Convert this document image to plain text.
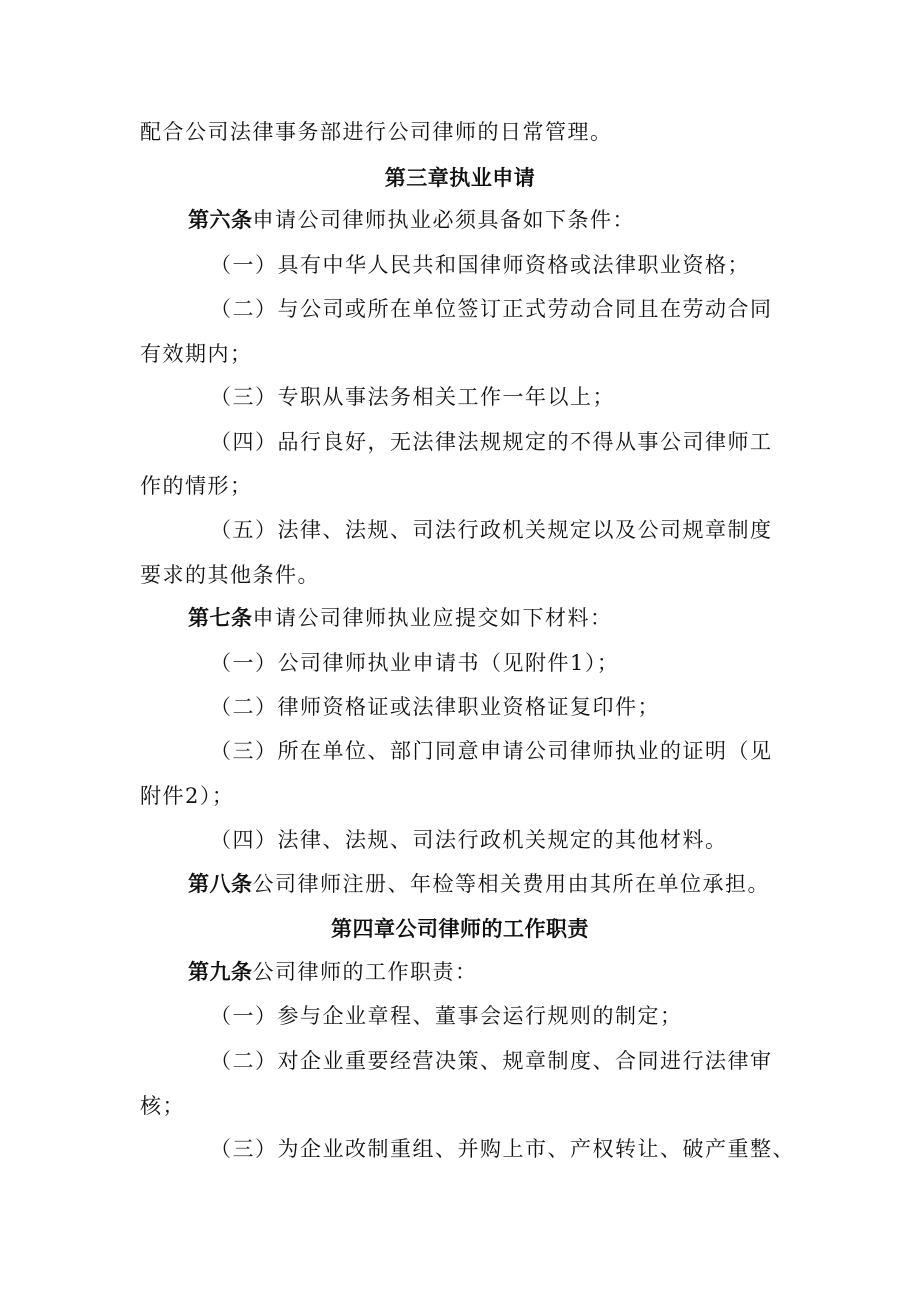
配合公司法律事务部进行公司律师的日常管理。
第三章执业申请
第六条申请公司律师执业必须具备如下条件：
（一）具有中华人民共和国律师资格或法律职业资格；
（二）与公司或所在单位签订正式劳动合同且在劳动合同
有效期内；
（三）专职从事法务相关工作一年以上；
（四）品行良好，无法律法规规定的不得从事公司律师工
作的情形；
（五）法律、法规、司法行政机关规定以及公司规章制度
要求的其他条件。
第七条申请公司律师执业应提交如下材料：
（一）公司律师执业申请书（见附件1）；
（二）律师资格证或法律职业资格证复印件；
（三）所在单位、部门同意申请公司律师执业的证明（见
附件2）；
（四）法律、法规、司法行政机关规定的其他材料。
第八条公司律师注册、年检等相关费用由其所在单位承担。
第四章公司律师的工作职责
第九条公司律师的工作职责：
（一）参与企业章程、董事会运行规则的制定；
（二）对企业重要经营决策、规章制度、合同进行法律审
核；
（三）为企业改制重组、并购上市、产权转让、破产重整、
